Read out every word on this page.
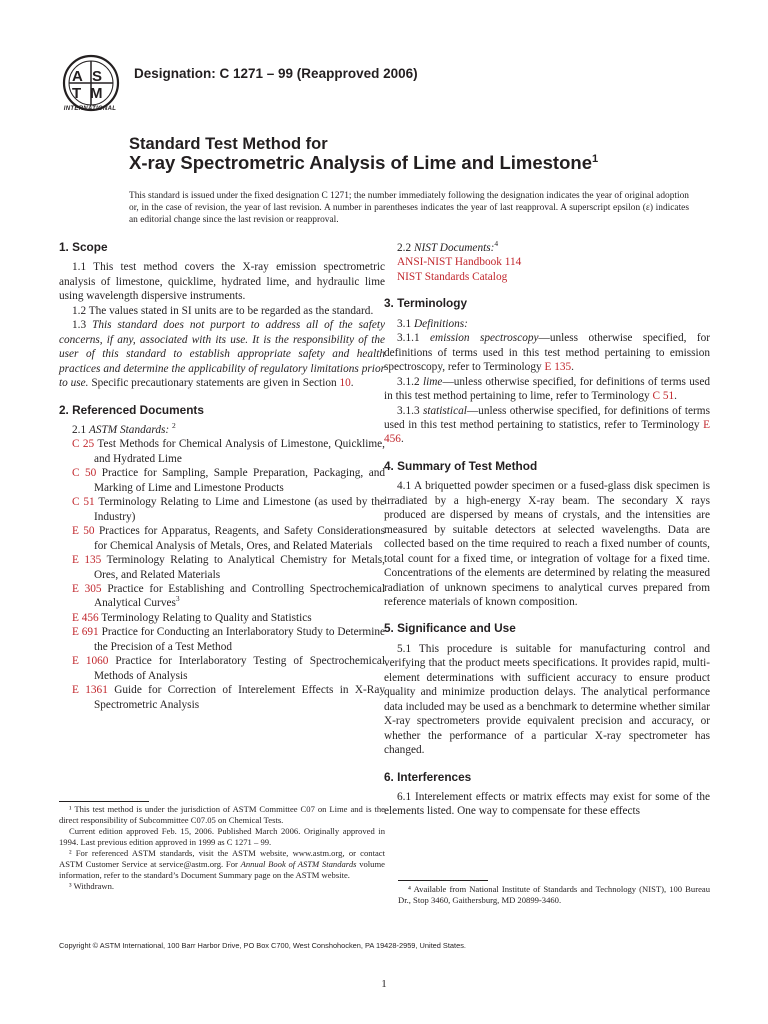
A S
T M
INTERNATIONAL
Designation: C 1271 – 99 (Reapproved 2006)
Standard Test Method for
X-ray Spectrometric Analysis of Lime and Limestone$^1$
This standard is issued under the fixed designation C 1271; the number immediately following the designation indicates the year of original adoption or, in the case of revision, the year of last revision. A number in parentheses indicates the year of last reapproval. A superscript epsilon (ε) indicates an editorial change since the last revision or reapproval.
1. Scope

1.1 This test method covers the X-ray emission spectrometric analysis of limestone, quicklime, hydrated lime, and hydraulic lime using wavelength dispersive instruments.

1.2 The values stated in SI units are to be regarded as the standard.

1.3 This standard does not purport to address all of the safety concerns, if any, associated with its use. It is the responsibility of the user of this standard to establish appropriate safety and health practices and determine the applicability of regulatory limitations prior to use. Specific precautionary statements are given in Section 10.

2. Referenced Documents

2.1 ASTM Standards: $^2$

C 25 Test Methods for Chemical Analysis of Limestone, Quicklime, and Hydrated Lime

C 50 Practice for Sampling, Sample Preparation, Packaging, and Marking of Lime and Limestone Products

C 51 Terminology Relating to Lime and Limestone (as used by the Industry)

E 50 Practices for Apparatus, Reagents, and Safety Considerations for Chemical Analysis of Metals, Ores, and Related Materials

E 135 Terminology Relating to Analytical Chemistry for Metals, Ores, and Related Materials

E 305 Practice for Establishing and Controlling Spectrochemical Analytical Curves$^3$

E 456 Terminology Relating to Quality and Statistics

E 691 Practice for Conducting an Interlaboratory Study to Determine the Precision of a Test Method

E 1060 Practice for Interlaboratory Testing of Spectrochemical Methods of Analysis

E 1361 Guide for Correction of Interelement Effects in X-Ray Spectrometric Analysis

¹ This test method is under the jurisdiction of ASTM Committee C07 on Lime and is the direct responsibility of Subcommittee C07.05 on Chemical Tests.

Current edition approved Feb. 15, 2006. Published March 2006. Originally approved in 1994. Last previous edition approved in 1999 as C 1271 – 99.

² For referenced ASTM standards, visit the ASTM website, www.astm.org, or contact ASTM Customer Service at service@astm.org. For Annual Book of ASTM Standards volume information, refer to the standard’s Document Summary page on the ASTM website.

³ Withdrawn.

2.2 NIST Documents:$^4$

ANSI-NIST Handbook 114
NIST Standards Catalog
3. Terminology

3.1 Definitions:

3.1.1 emission spectroscopy—unless otherwise specified, for definitions of terms used in this test method pertaining to emission spectroscopy, refer to Terminology E 135.

3.1.2 lime—unless otherwise specified, for definitions of terms used in this test method pertaining to lime, refer to Terminology C 51.

3.1.3 statistical—unless otherwise specified, for definitions of terms used in this test method pertaining to statistics, refer to Terminology E 456.

4. Summary of Test Method

4.1 A briquetted powder specimen or a fused-glass disk specimen is irradiated by a high-energy X-ray beam. The secondary X rays produced are dispersed by means of crystals, and the intensities are measured by suitable detectors at selected wavelengths. Data are collected based on the time required to reach a fixed number of counts, total count for a fixed time, or integration of voltage for a fixed time. Concentrations of the elements are determined by relating the measured radiation of unknown specimens to analytical curves prepared from reference materials of known composition.

5. Significance and Use

5.1 This procedure is suitable for manufacturing control and verifying that the product meets specifications. It provides rapid, multi-element determinations with sufficient accuracy to ensure product quality and minimize production delays. The analytical performance data included may be used as a benchmark to determine whether similar X-ray spectrometers provide equivalent precision and accuracy, or whether the performance of a particular X-ray spectrometer has changed.

6. Interferences

6.1 Interelement effects or matrix effects may exist for some of the elements listed. One way to compensate for these effects

⁴ Available from National Institute of Standards and Technology (NIST), 100 Bureau Dr., Stop 3460, Gaithersburg, MD 20899-3460.

Copyright © ASTM International, 100 Barr Harbor Drive, PO Box C700, West Conshohocken, PA 19428-2959, United States.
1
